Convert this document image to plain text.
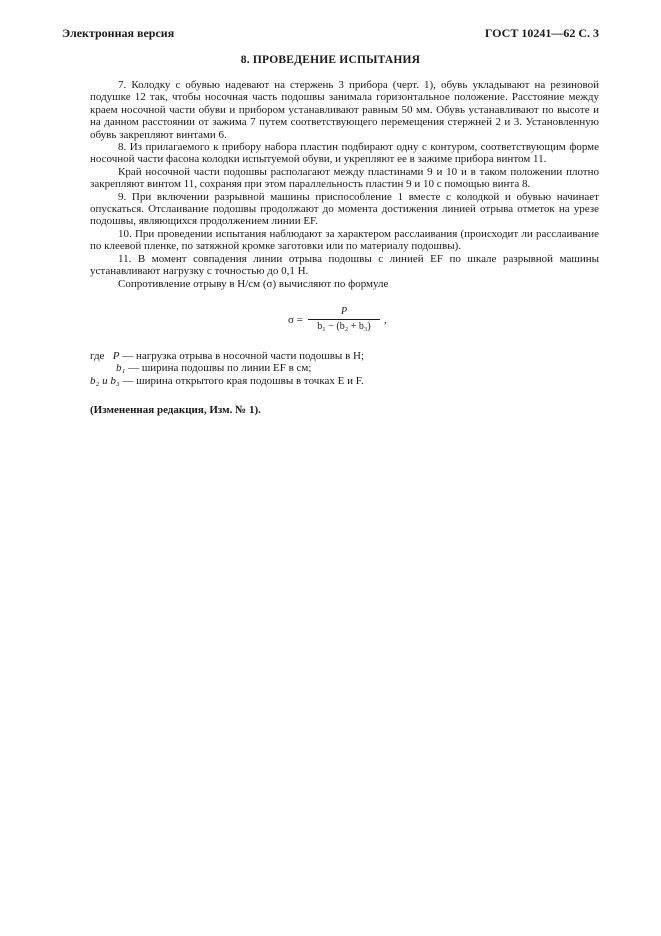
Электронная версия	ГОСТ 10241—62 С. 3
8. ПРОВЕДЕНИЕ ИСПЫТАНИЯ

7. Колодку с обувью надевают на стержень 3 прибора (черт. 1), обувь укладывают на резиновой подушке 12 так, чтобы носочная часть подошвы занимала горизонтальное положение. Расстояние между краем носочной части обуви и прибором устанавливают равным 50 мм. Обувь устанавливают по высоте и на данном расстоянии от зажима 7 путем соответствующего перемещения стержней 2 и 3. Установленную обувь закрепляют винтами 6.

8. Из прилагаемого к прибору набора пластин подбирают одну с контуром, соответствующим форме носочной части фасона колодки испытуемой обуви, и укрепляют ее в зажиме прибора винтом 11.

Край носочной части подошвы располагают между пластинами 9 и 10 и в таком положении плотно закрепляют винтом 11, сохраняя при этом параллельность пластин 9 и 10 с помощью винта 8.

9. При включении разрывной машины приспособление 1 вместе с колодкой и обувью начинает опускаться. Отслаивание подошвы продолжают до момента достижения линией отрыва отметок на урезе подошвы, являющихся продолжением линии EF.

10. При проведении испытания наблюдают за характером расслаивания (происходит ли расслаивание по клеевой пленке, по затяжной кромке заготовки или по материалу подошвы).

11. В момент совпадения линии отрыва подошвы с линией EF по шкале разрывной машины устанавливают нагрузку с точностью до 0,1 Н.

Сопротивление отрыву в Н/см (σ) вычисляют по формуле

σ =
P
b₁ − (b₂ + b₃)
,
где P — нагрузка отрыва в носочной части подошвы в Н;
b₁ — ширина подошвы по линии EF в см;
b₂ и b₃ — ширина открытого края подошвы в точках E и F.
(Измененная редакция, Изм. № 1).
